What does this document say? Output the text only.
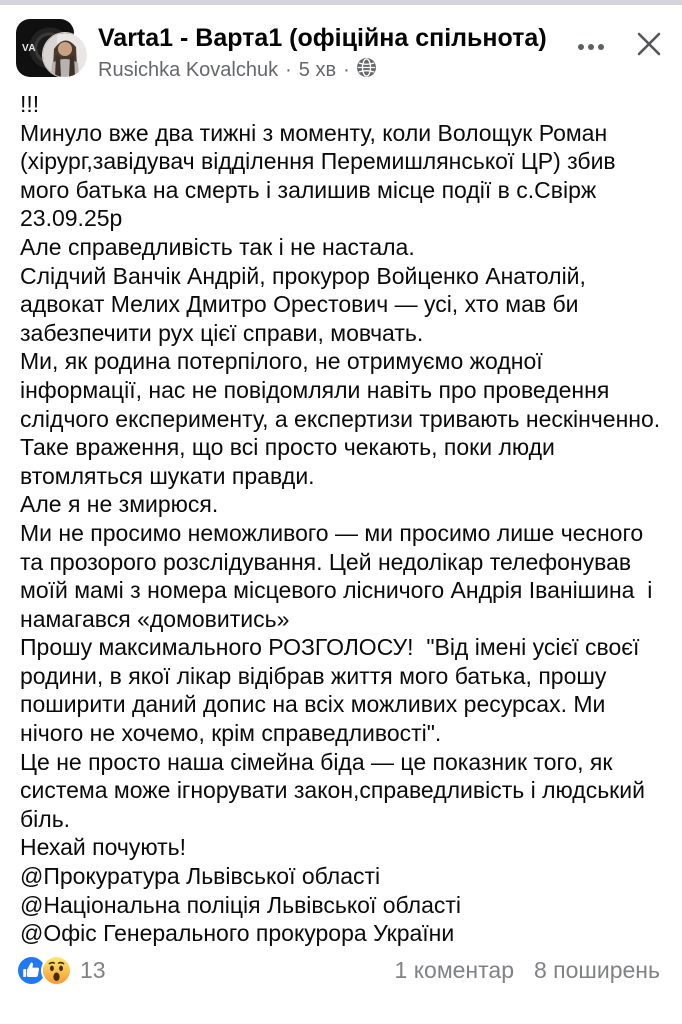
VA Varta1 - Варта1 (офіційна спільнота)
Rusichka Kovalchuk · 5 хв ·
!!!
Минуло вже два тижні з моменту, коли Волощук Роман (хірург,завідувач відділення Перемишлянської ЦР) збив мого батька на смерть і залишив місце події в с.Свірж 23.09.25р
Але справедливість так і не настала.
Слідчий Ванчік Андрій, прокурор Войценко Анатолій, адвокат Мелих Дмитро Орестович — усі, хто мав би забезпечити рух цієї справи, мовчать.
Ми, як родина потерпілого, не отримуємо жодної інформації, нас не повідомляли навіть про проведення слідчого експерименту, а експертизи тривають нескінченно.
Таке враження, що всі просто чекають, поки люди втомляться шукати правди.
Але я не змирюся.
Ми не просимо неможливого — ми просимо лише чесного та прозорого розслідування. Цей недолікар телефонував моїй мамі з номера місцевого лісничого Андрія Іванішина  і намагався «домовитись»
Прошу максимального РОЗГОЛОСУ!  "Від імені усієї своєї родини, в якої лікар відібрав життя мого батька, прошу поширити даний допис на всіх можливих ресурсах. Ми нічого не хочемо, крім справедливості".
Це не просто наша сімейна біда — це показник того, як система може ігнорувати закон,справедливість і людський біль.
Нехай почують!
@Прокуратура Львівської області
@Національна поліція Львівської області
@Офіс Генерального прокурора України
13	1 коментар 8 поширень
